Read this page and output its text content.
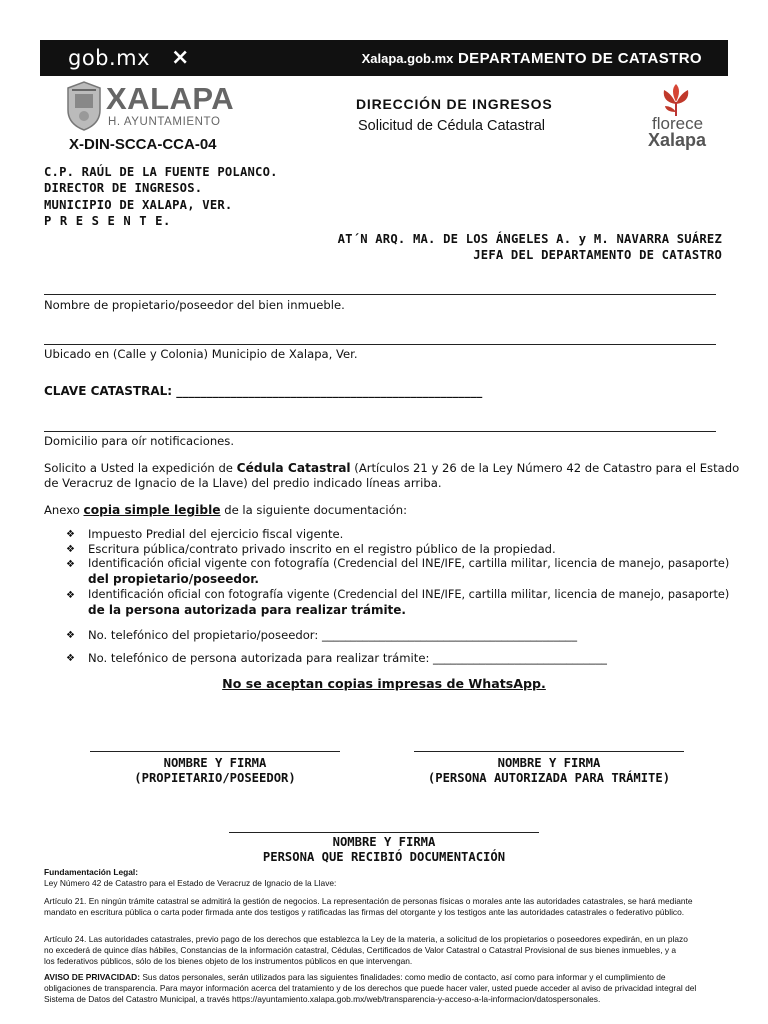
gob.mx ⨯	Xalapa.gob.mx DEPARTAMENTO DE CATASTRO
XALAPA
H. AYUNTAMIENTO
X-DIN-SCCA-CCA-04
DIRECCIÓN DE INGRESOS
Solicitud de Cédula Catastral	florece
Xalapa
C.P. RAÚL DE LA FUENTE POLANCO.
DIRECTOR DE INGRESOS.
MUNICIPIO DE XALAPA, VER.
P R E S E N T E.
AT´N ARQ. MA. DE LOS ÁNGELES A. y M. NAVARRA SUÁREZ
JEFA DEL DEPARTAMENTO DE CATASTRO
Nombre de propietario/poseedor del bien inmueble.
Ubicado en (Calle y Colonia) Municipio de Xalapa, Ver.
CLAVE CATASTRAL: ___________________________________________________
Domicilio para oír notificaciones.
Solicito a Usted la expedición de Cédula Catastral (Artículos 21 y 26 de la Ley Número 42 de Catastro para el Estado
de Veracruz de Ignacio de la Llave) del predio indicado líneas arriba.
Anexo copia simple legible de la siguiente documentación:
❖ Impuesto Predial del ejercicio fiscal vigente.
❖ Escritura pública/contrato privado inscrito en el registro público de la propiedad.
❖ Identificación oficial vigente con fotografía (Credencial del INE/IFE, cartilla militar, licencia de manejo, pasaporte)
del propietario/poseedor.
❖ Identificación oficial con fotografía vigente (Credencial del INE/IFE, cartilla militar, licencia de manejo, pasaporte)
de la persona autorizada para realizar trámite.
❖ No. telefónico del propietario/poseedor: ____________________________________________
❖ No. telefónico de persona autorizada para realizar trámite: ______________________________
No se aceptan copias impresas de WhatsApp.
NOMBRE Y FIRMA
(PROPIETARIO/POSEEDOR)
NOMBRE Y FIRMA
(PERSONA AUTORIZADA PARA TRÁMITE)
NOMBRE Y FIRMA
PERSONA QUE RECIBIÓ DOCUMENTACIÓN
Fundamentación Legal:
Ley Número 42 de Catastro para el Estado de Veracruz de Ignacio de la Llave:
Artículo 21. En ningún trámite catastral se admitirá la gestión de negocios. La representación de personas físicas o morales ante las autoridades catastrales, se hará mediante
mandato en escritura pública o carta poder firmada ante dos testigos y ratificadas las firmas del otorgante y los testigos ante las autoridades catastrales o federativo público.
Artículo 24. Las autoridades catastrales, previo pago de los derechos que establezca la Ley de la materia, a solicitud de los propietarios o poseedores expedirán, en un plazo
no excederá de quince días hábiles, Constancias de la información catastral, Cédulas, Certificados de Valor Catastral o Catastral Provisional de sus bienes inmuebles, y a
los federativos públicos, sólo de los bienes objeto de los instrumentos públicos en que intervengan.
AVISO DE PRIVACIDAD: Sus datos personales, serán utilizados para las siguientes finalidades: como medio de contacto, así como para informar y el cumplimiento de
obligaciones de transparencia. Para mayor información acerca del tratamiento y de los derechos que puede hacer valer, usted puede acceder al aviso de privacidad integral del
Sistema de Datos del Catastro Municipal, a través https://ayuntamiento.xalapa.gob.mx/web/transparencia-y-acceso-a-la-informacion/datospersonales.
